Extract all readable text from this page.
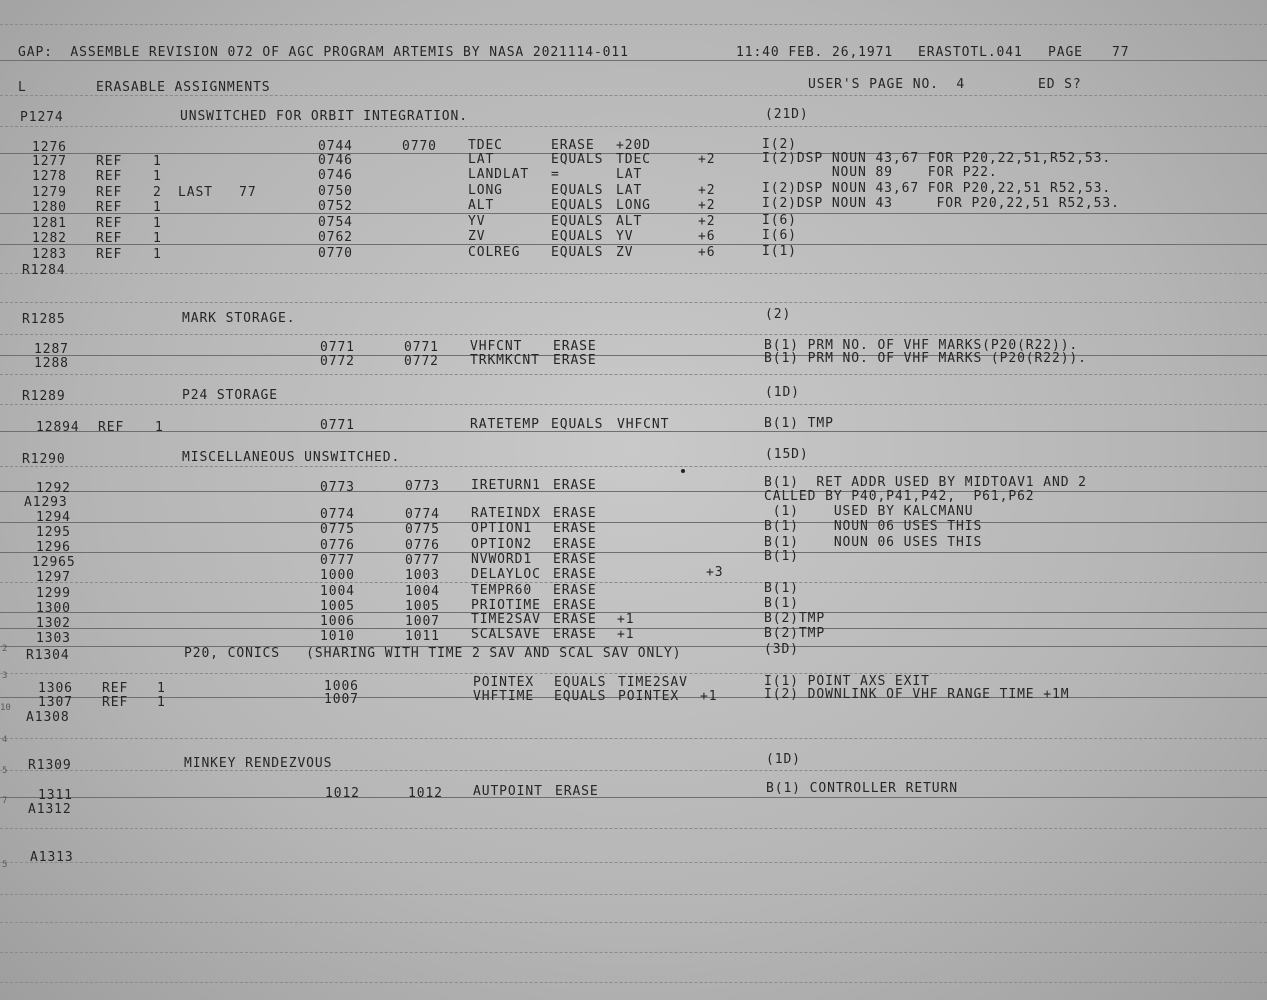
2
3
10
4
5
7
5
GAP:  ASSEMBLE REVISION 072 OF AGC PROGRAM ARTEMIS BY NASA 2021114-011	11:40 FEB. 26,1971 ERASTOTL.041 PAGE 77
L	ERASABLE ASSIGNMENTS	USER'S PAGE NO.  4	ED S?
P1274	UNSWITCHED FOR ORBIT INTEGRATION.	(21D)
1276	0744	0770 TDEC	ERASE +20D	I(2)
1277 REF 1	0746	LAT	EQUALS TDEC	+2	I(2)DSP NOUN 43,67 FOR P20,22,51,R52,53.
1278 REF 1	0746	LANDLAT =	LAT	NOUN 89    FOR P22.
1279 REF 2 LAST   77	0750	LONG	EQUALS LAT	+2	I(2)DSP NOUN 43,67 FOR P20,22,51 R52,53.
1280 REF 1	0752	ALT	EQUALS LONG	+2	I(2)DSP NOUN 43     FOR P20,22,51 R52,53.
1281 REF 1	0754	YV	EQUALS ALT	+2	I(6)
1282 REF 1	0762	ZV	EQUALS YV	+6	I(6)
1283 REF 1	0770	COLREG EQUALS ZV	+6	I(1)
R1284
R1285	MARK STORAGE.	(2)
1287	0771	0771 VHFCNT ERASE	B(1) PRM NO. OF VHF MARKS(P20(R22)).
1288	0772	0772 TRKMKCNT ERASE	B(1) PRM NO. OF VHF MARKS (P20(R22)).
R1289	P24 STORAGE	(1D)
12894 REF 1	0771	RATETEMP EQUALS VHFCNT	B(1) TMP
R1290	MISCELLANEOUS UNSWITCHED.	(15D)
1292	0773	0773 IRETURN1 ERASE	B(1)  RET ADDR USED BY MIDTOAV1 AND 2
A1293	CALLED BY P40,P41,P42,  P61,P62
1294	0774	0774 RATEINDX ERASE	(1)    USED BY KALCMANU
1295	0775	0775 OPTION1 ERASE	B(1)    NOUN 06 USES THIS
1296	0776	0776 OPTION2 ERASE	B(1)    NOUN 06 USES THIS
12965	0777	0777 NVWORD1 ERASE	B(1)
1297	1000	1003 DELAYLOC ERASE	+3
1299	1004	1004 TEMPR60 ERASE	B(1)
1300	1005	1005 PRIOTIME ERASE	B(1)
1302	1006	1007 TIME2SAV ERASE +1	B(2)TMP
1303	1010	1011 SCALSAVE ERASE +1	B(2)TMP
R1304	P20, CONICS   (SHARING WITH TIME 2 SAV AND SCAL SAV ONLY)	(3D)
1306 REF 1	1006	POINTEX EQUALS TIME2SAV	I(1) POINT AXS EXIT
1307 REF 1	1007	VHFTIME EQUALS POINTEX +1	I(2) DOWNLINK OF VHF RANGE TIME +1M
A1308
R1309	MINKEY RENDEZVOUS	(1D)
1311	1012	1012 AUTPOINT ERASE	B(1) CONTROLLER RETURN
A1312
A1313
